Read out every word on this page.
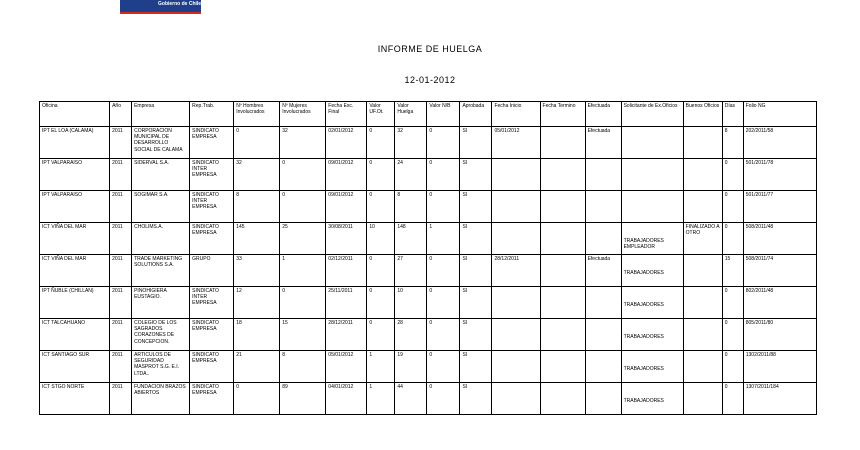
Gobierno de Chile
INFORME DE HUELGA
12-01-2012
Oficina	Año	Empresa	Rep.Trab.	Nº Hombres Involucrados	Nº Mujeres Involucrados	Fecha Exc. Final	Valor UF.Ot.	Valor Huelga	Valor N/B	Aprobada	Fecha Inicio	Fecha Termino	Efectuada	Solicitante de Ex.Oficios	Buenos Oficios	Días	Folio NG

IPT EL LOA (CALAMA)	2011	CORPORACION MUNICIPAL DE DESARROLLO SOCIAL DE CALAMA	SINDICATO EMPRESA	0	32	02/01/2012	0	32	0	SI	05/01/2012		Efectuada			8	202/2011/58

IPT VALPARAISO	2011	SIDERVAL S.A.	SINDICATO INTER EMPRESA	32	0	09/01/2012	0	24	0	SI						0	501/2011/78

IPT VALPARAISO	2011	SOGIMAR S.A.	SINDICATO INTER EMPRESA	8	0	09/01/2012	0	8	0	SI						0	501/2011/77

ICT VIÑA DEL MAR	2011	CHOLIMS.A.	SINDICATO EMPRESA	145	25	30/08/2011	10	148	1	SI				TRABAJADORES EMPLEADOR	FINALIZADO A OTRO	0	508/2011/48

ICT VIÑA DEL MAR	2011	TRADE MARKETING SOLUTIONS S.A.	GRUPO	33	1	02/12/2011	0	27	0	SI	28/12/2011		Efectuada	TRABAJADORES		15	508/2011/74

IPT ÑUBLE (CHILLAN)	2011	PINOHIGIERA EUSTAGIO.	SINDICATO INTER EMPRESA	12	0	25/11/2011	0	10	0	SI				TRABAJADORES		0	802/2011/48

ICT TALCAHUANO	2011	COLEGIO DE LOS SAGRADOS CORAZONES DE CONCEPCION.	SINDICATO EMPRESA	18	15	28/12/2011	0	28	0	SI				TRABAJADORES		0	805/2011/80

ICT SANTIAGO SUR	2011	ARTICULOS DE SEGURIDAD MASPROT S.G. E.I. LTDA..	SINDICATO EMPRESA	21	8	05/01/2012	1	19	0	SI				TRABAJADORES		0	1302/2011/88

ICT STGO NORTE	2011	FUNDACION BRAZOS ABIERTOS	SINDICATO EMPRESA	0	89	04/01/2012	1	44	0	SI				TRABAJADORES		0	1307/2011/184
